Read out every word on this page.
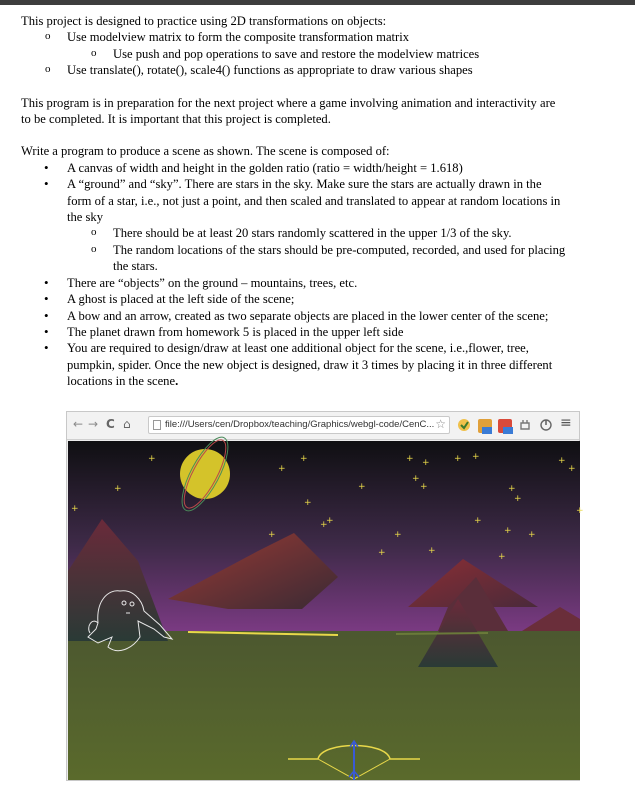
This project is designed to practice using 2D transformations on objects:

o Use modelview matrix to form the composite transformation matrix
o Use push and pop operations to save and restore the modelview matrices
o Use translate(), rotate(), scale4() functions as appropriate to draw various shapes

This program is in preparation for the next project where a game involving animation and interactivity are
to be completed. It is important that this project is completed.

Write a program to produce a scene as shown. The scene is composed of:

• A canvas of width and height in the golden ratio (ratio = width/height = 1.618)
• A “ground” and “sky”. There are stars in the sky. Make sure the stars are actually drawn in the
form of a star, i.e., not just a point, and then scaled and translated to appear at random locations in
the sky
o There should be at least 20 stars randomly scattered in the upper 1/3 of the sky.
o The random locations of the stars should be pre-computed, recorded, and used for placing
the stars.
• There are “objects” on the ground – mountains, trees, etc.
• A ghost is placed at the left side of the scene;
• A bow and an arrow, created as two separate objects are placed in the lower center of the scene;
• The planet drawn from homework 5 is placed in the upper left side
• You are required to design/draw at least one additional object for the scene, i.e.,flower, tree,
pumpkin, spider. Once the new object is designed, draw it 3 times by placing it in three different
locations in the scene.
← → C ⌂	file:///Users/cen/Dropbox/teaching/Graphics/webgl-code/CenC... ☆	≡
+
+
+	+ +	+
+
+	+
+
+	+	+	+
+
+
+
+
+
+
+
+ +
+
+
+	+
+
